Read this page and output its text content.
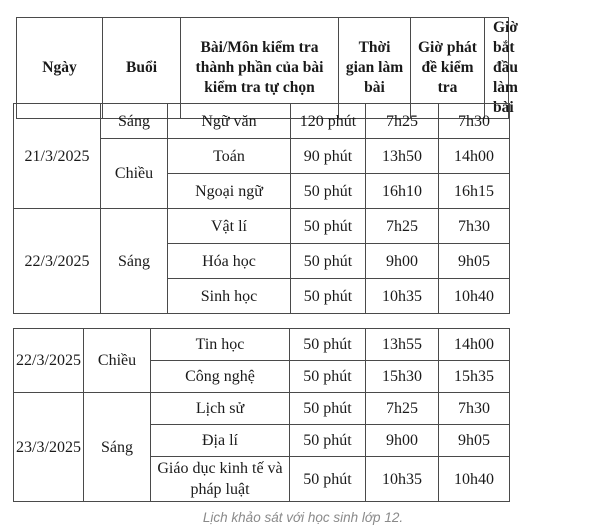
Ngày	Buổi	Bài/Môn kiểm tra thành phần của bài kiểm tra tự chọn	Thời gian làm bài	Giờ phát đề kiểm tra	Giờ bắt đầu làm bài
21/3/2025	Sáng	Ngữ văn	120 phút	7h25	7h30
	Chiều	Toán	90 phút	13h50	14h00
		Ngoại ngữ	50 phút	16h10	16h15
22/3/2025	Sáng	Vật lí	50 phút	7h25	7h30
		Hóa học	50 phút	9h00	9h05
		Sinh học	50 phút	10h35	10h40
22/3/2025	Chiều	Tin học	50 phút	13h55	14h00
		Công nghệ	50 phút	15h30	15h35
23/3/2025	Sáng	Lịch sử	50 phút	7h25	7h30
		Địa lí	50 phút	9h00	9h05
		Giáo dục kinh tế và pháp luật	50 phút	10h35	10h40
Lịch khảo sát với học sinh lớp 12.
